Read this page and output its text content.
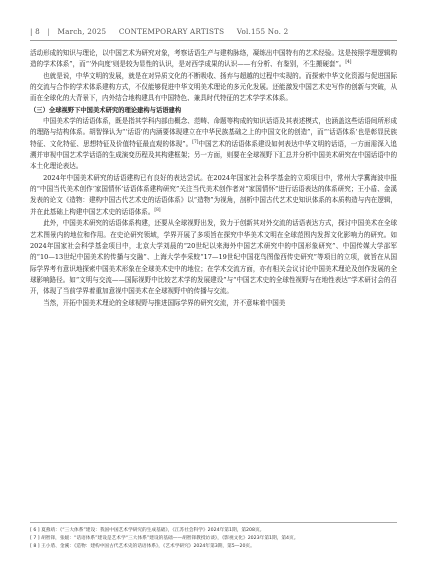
| 8 | March, 2025 CONTEMPORARY ARTISTS Vol.155 No. 2

活动形成的知识与理论，以中国艺术为研究对象，考察话语生产与建构脉络，凝练出中国特有的艺术经验。这是按照学理逻辑构造的学术体系”，而“‘外向度’则是较为显性的认识，是对西学成果的认识——有分析、有鉴别，不生搬硬套”。[4]

也就是说，中华文明的发展，就是在对异质文化的不断吸收、扬弃与超越的过程中实现的。而探索中华文化资源与促进国际的交流与合作的学术体系建构方式，不仅能够促进中华文明美术理论的多元化发展。还能激发中国艺术史写作的创新与突破，从而在全球化的大背景下，内外结合地构建具有中国特色、兼具时代特征的艺术学学术体系。

（三）全球视野下中国美术研究的理论建构与话语建构

中国美术学的话语体系，既是指其学科内部由概念、范畴、命题等构成的知识话语及其表述模式，也涵盖这些话语间所形成的理路与结构体系。胡智锋认为“‘话语’的内涵要体现建立在中华民族基础之上的中国文化的创造”，而“‘话语体系’也是彰显民族特征、文化特征、思想特征及价值特征最直观的体现”。[7]中国艺术的话语体系建设如何表达中华文明的话语，一方面需深入追溯并审视中国艺术学话语的生成演变历程及其构建框架；另一方面，则要在全球视野下汇总并分析中国美术研究在中国话语中的本土化理论表达。

2024年中国美术研究的话语建构已有良好的表达尝试。在2024年国家社会科学基金的立项项目中，常州大学冀海波申报的“中国当代美术创作‘家国情怀’话语体系建构研究”关注当代美术创作者对“家国情怀”进行话语表达的体系研究；王小盾、金溪发表的论文《造物：建构中国古代艺术史的话语体系》以“造物”为视角，剖析中国古代艺术史知识体系的本质构造与内在逻辑，并在此基础上构建中国艺术史的话语体系。[8]

此外，中国美术研究的话语体系构建，还要从全球视野出发，致力于创新其对外交流的话语表达方式，探讨中国美术在全球艺术图景内的地位和作用。在史论研究领域，学界开展了多项旨在探究中华美术文明在全球范围内发挥文化影响力的研究。如2024年国家社会科学基金项目中，北京大学刘晨的“20世纪以来海外中国艺术研究中的中国形象研究”、中国传媒大学邵军的“10—13世纪中国美术的传播与交融”、上海大学李采蛟“17—19世纪中国花鸟图像西传史研究”等项目的立项，就旨在从国际学界考有意识地探索中国美术形象在全球美术史中的地位；在学术交流方面，亦有相关会议讨论中国美术理论及创作发展的全球影响路径。如“文明与交流——国际视野中比较艺术学的发展建设”与“中国艺术史的全球性视野与在地性表达”学术研讨会的召开，体现了当前学界着重加意视中国美术在全球视野中的传播与交流。

当然，开拓中国美术理论的全球视野与推进国际学界的研究交流，并不意味着中国美

[ 6 ] 夏燕靖：《“三大体系”建设：我国中国艺术学研究的生成基础》，《江苏社会科学》2024年第1期，第208页。
[ 7 ] 胡智锋，张媛：“话语体系”建设是艺术学“三大体系”建设的基础——胡智锋教授访谈》，《影视文化》2023年第1期，第4页。
[ 8 ] 王小盾、金溪：《造物：建构中国古代艺术史的话语体系》，《艺术学研究》2024年第3期，第5—20页。
